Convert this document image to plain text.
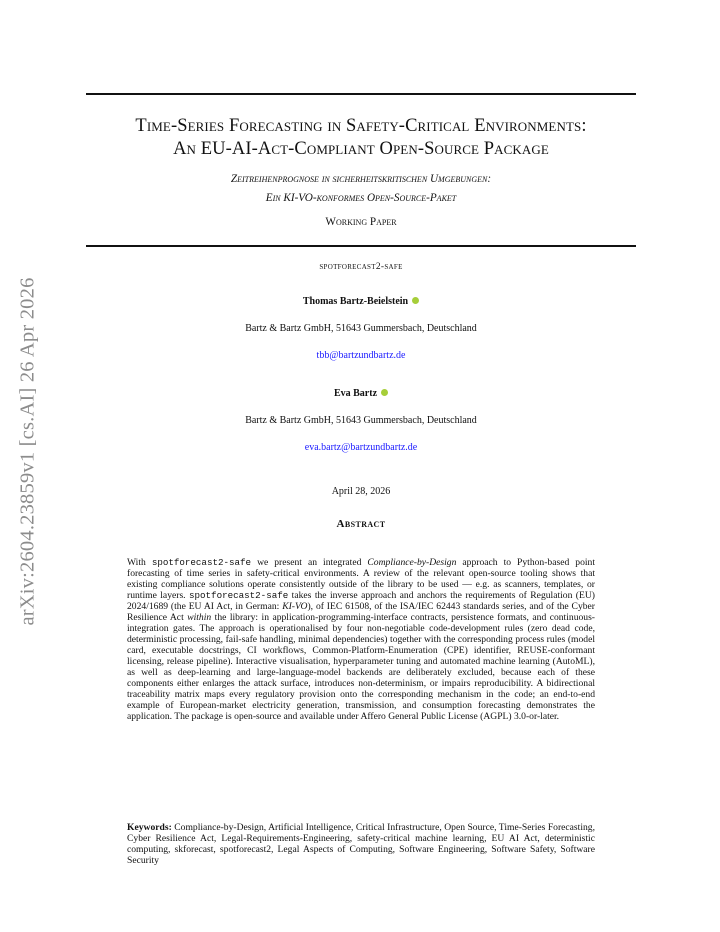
arXiv:2604.23859v1 [cs.AI] 26 Apr 2026
Time-Series Forecasting in Safety-Critical Environments:
An EU-AI-Act-Compliant Open-Source Package
Zeitreihenprognose in sicherheitskritischen Umgebungen:
Ein KI-VO-konformes Open-Source-Paket
Working Paper
spotforecast2-safe
Thomas Bartz-Beielstein
Bartz & Bartz GmbH, 51643 Gummersbach, Deutschland
tbb@bartzundbartz.de
Eva Bartz
Bartz & Bartz GmbH, 51643 Gummersbach, Deutschland
eva.bartz@bartzundbartz.de
April 28, 2026
Abstract
With spotforecast2-safe we present an integrated Compliance-by-Design approach to Python-based point forecasting of time series in safety-critical environments. A review of the relevant open-source tooling shows that existing compliance solutions operate consistently outside of the library to be used — e.g. as scanners, templates, or runtime layers. spotforecast2-safe takes the inverse approach and anchors the requirements of Regulation (EU) 2024/1689 (the EU AI Act, in German: KI-VO), of IEC 61508, of the ISA/IEC 62443 standards series, and of the Cyber Resilience Act within the library: in application-programming-interface contracts, persistence formats, and continuous-integration gates. The approach is operationalised by four non-negotiable code-development rules (zero dead code, deterministic processing, fail-safe handling, minimal dependencies) together with the corresponding process rules (model card, executable docstrings, CI workflows, Common-Platform-Enumeration (CPE) identifier, REUSE-conformant licensing, release pipeline). Interactive visualisation, hyperparameter tuning and automated machine learning (AutoML), as well as deep-learning and large-language-model backends are deliberately excluded, because each of these components either enlarges the attack surface, introduces non-determinism, or impairs reproducibility. A bidirectional traceability matrix maps every regulatory provision onto the corresponding mechanism in the code; an end-to-end example of European-market electricity generation, transmission, and consumption forecasting demonstrates the application. The package is open-source and available under Affero General Public License (AGPL) 3.0-or-later.
Keywords: Compliance-by-Design, Artificial Intelligence, Critical Infrastructure, Open Source, Time-Series Forecasting, Cyber Resilience Act, Legal-Requirements-Engineering, safety-critical machine learning, EU AI Act, deterministic computing, skforecast, spotforecast2, Legal Aspects of Computing, Software Engineering, Software Safety, Software Security
